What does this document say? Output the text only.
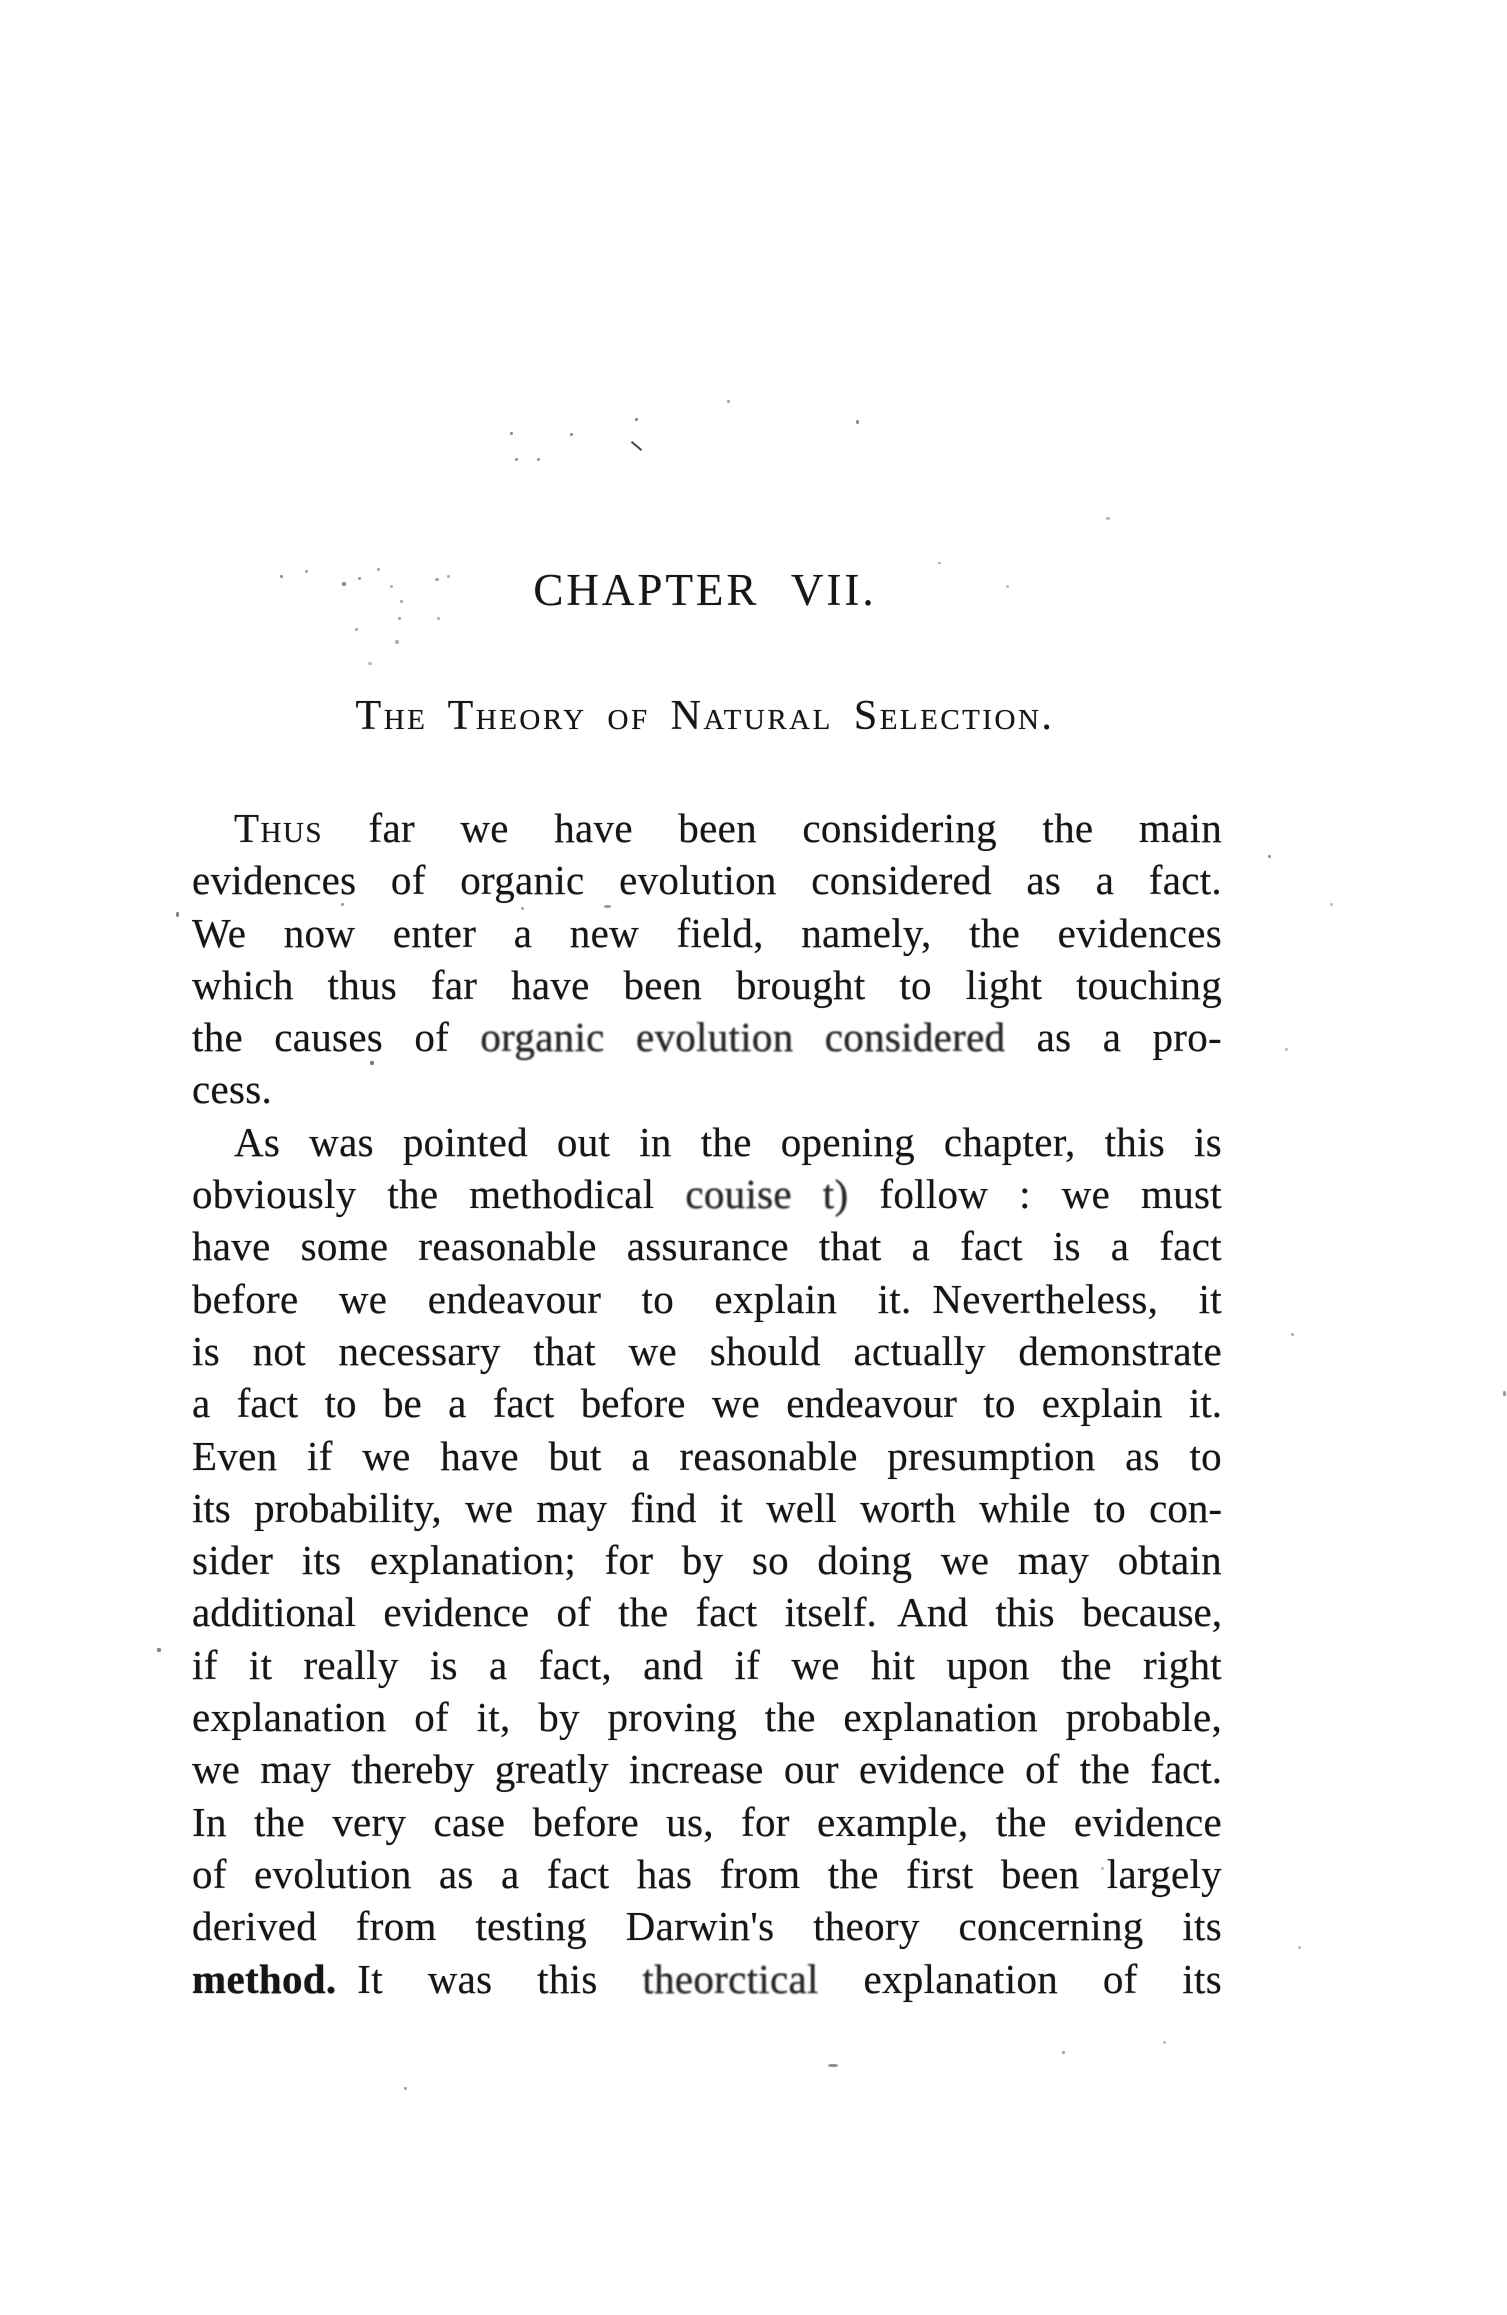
CHAPTER VII.
The Theory of Natural Selection.
Thus far we have been considering the main
evidences of organic evolution considered as a fact.
We now enter a new field, namely, the evidences
which thus far have been brought to light touching
the causes of organic evolution considered as a pro-
cess.
As was pointed out in the opening chapter, this is
obviously the methodical couise t) follow : we must
have some reasonable assurance that a fact is a fact
before we endeavour to explain it. Nevertheless, it
is not necessary that we should actually demonstrate
a fact to be a fact before we endeavour to explain it.
Even if we have but a reasonable presumption as to
its probability, we may find it well worth while to con-
sider its explanation; for by so doing we may obtain
additional evidence of the fact itself. And this because,
if it really is a fact, and if we hit upon the right
explanation of it, by proving the explanation probable,
we may thereby greatly increase our evidence of the fact.
In the very case before us, for example, the evidence
of evolution as a fact has from the first been largely
derived from testing Darwin's theory concerning its
method. It was this theorctical explanation of its
